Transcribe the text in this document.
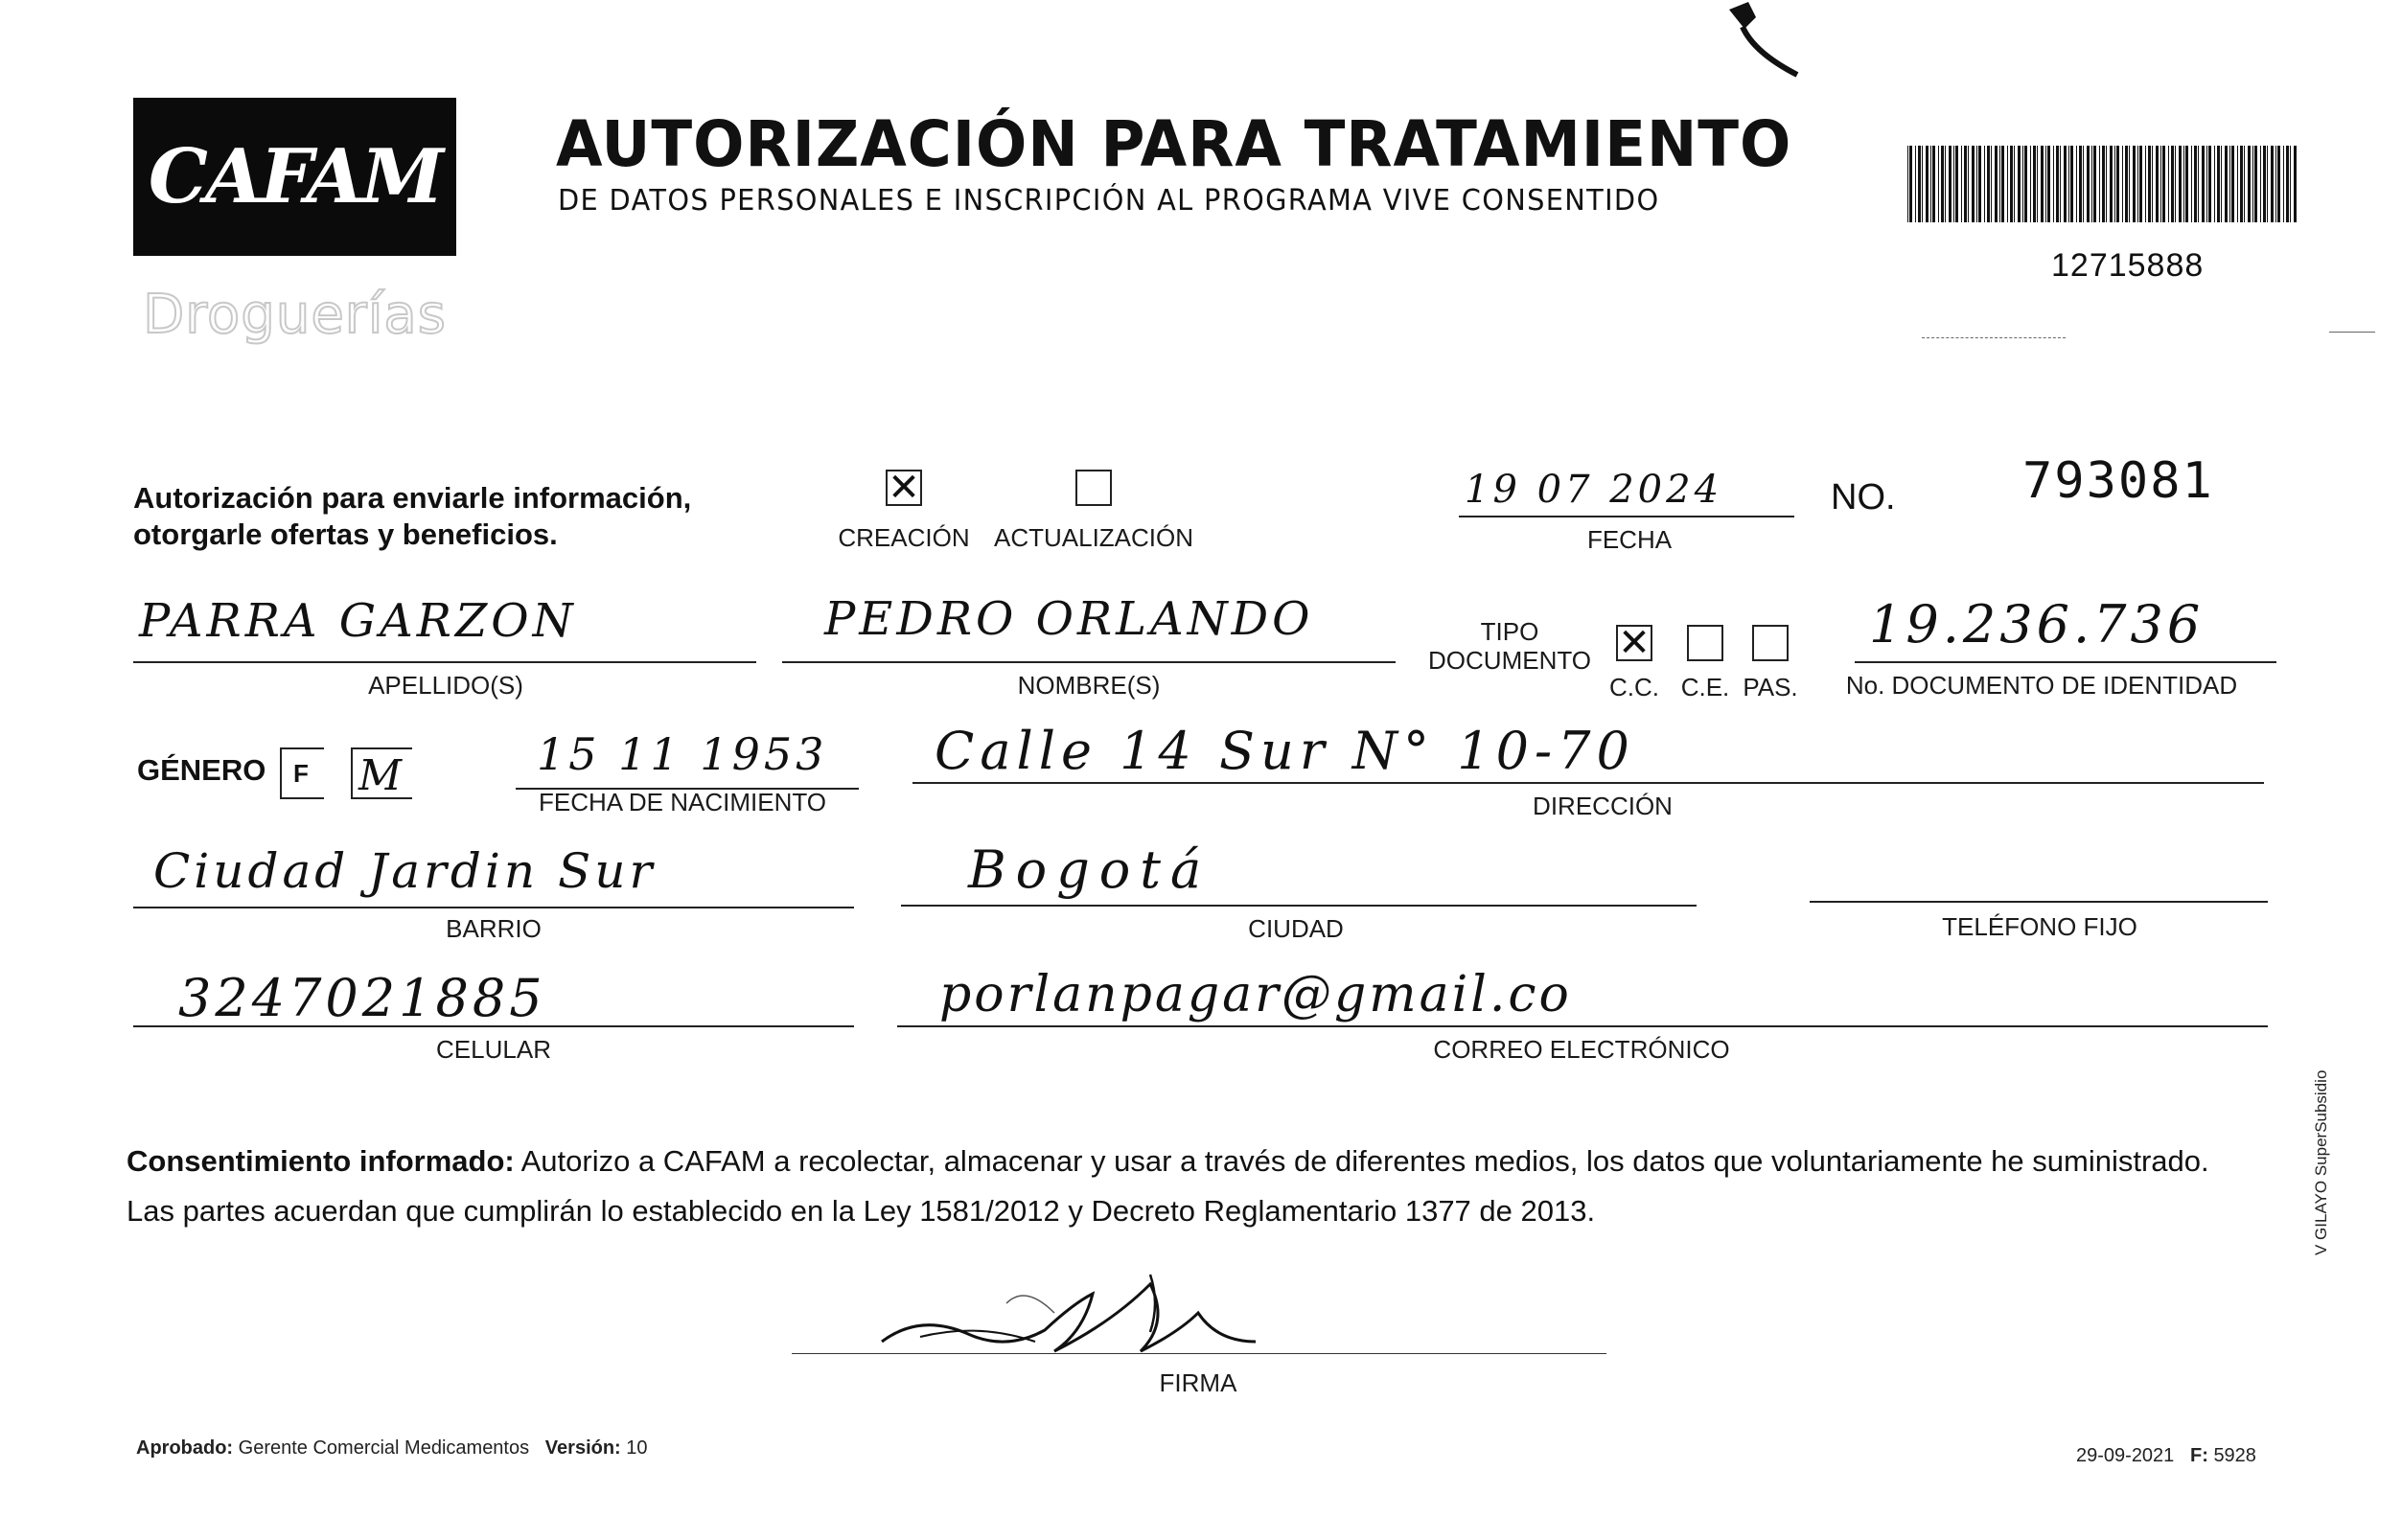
CAFAM
Droguerías
AUTORIZACIÓN PARA TRATAMIENTO
DE DATOS PERSONALES E INSCRIPCIÓN AL PROGRAMA VIVE CONSENTIDO
12715888
Autorización para enviarle información,
otorgarle ofertas y beneficios.
✕
CREACIÓN ACTUALIZACIÓN
19 07 2024
FECHA
NO.	793081
PARRA GARZON
APELLIDO(S)
PEDRO ORLANDO
NOMBRE(S)
TIPO
DOCUMENTO ✕
C.C. C.E. PAS.
19.236.736
No. DOCUMENTO DE IDENTIDAD
GÉNERO F M	15 11 1953
FECHA DE NACIMIENTO
Calle 14 Sur N° 10-70
DIRECCIÓN
Ciudad Jardin Sur
BARRIO
Bogotá
CIUDAD	TELÉFONO FIJO
3247021885
CELULAR
porlanpagar@gmail.co
CORREO ELECTRÓNICO
Consentimiento informado: Autorizo a CAFAM a recolectar, almacenar y usar a través de diferentes medios, los datos que voluntariamente he suministrado.
Las partes acuerdan que cumplirán lo establecido en la Ley 1581/2012 y Decreto Reglamentario 1377 de 2013.
FIRMA
Aprobado: Gerente Comercial Medicamentos Versión: 10	29-09-2021 F: 5928
V GILAYO SuperSubsidio
